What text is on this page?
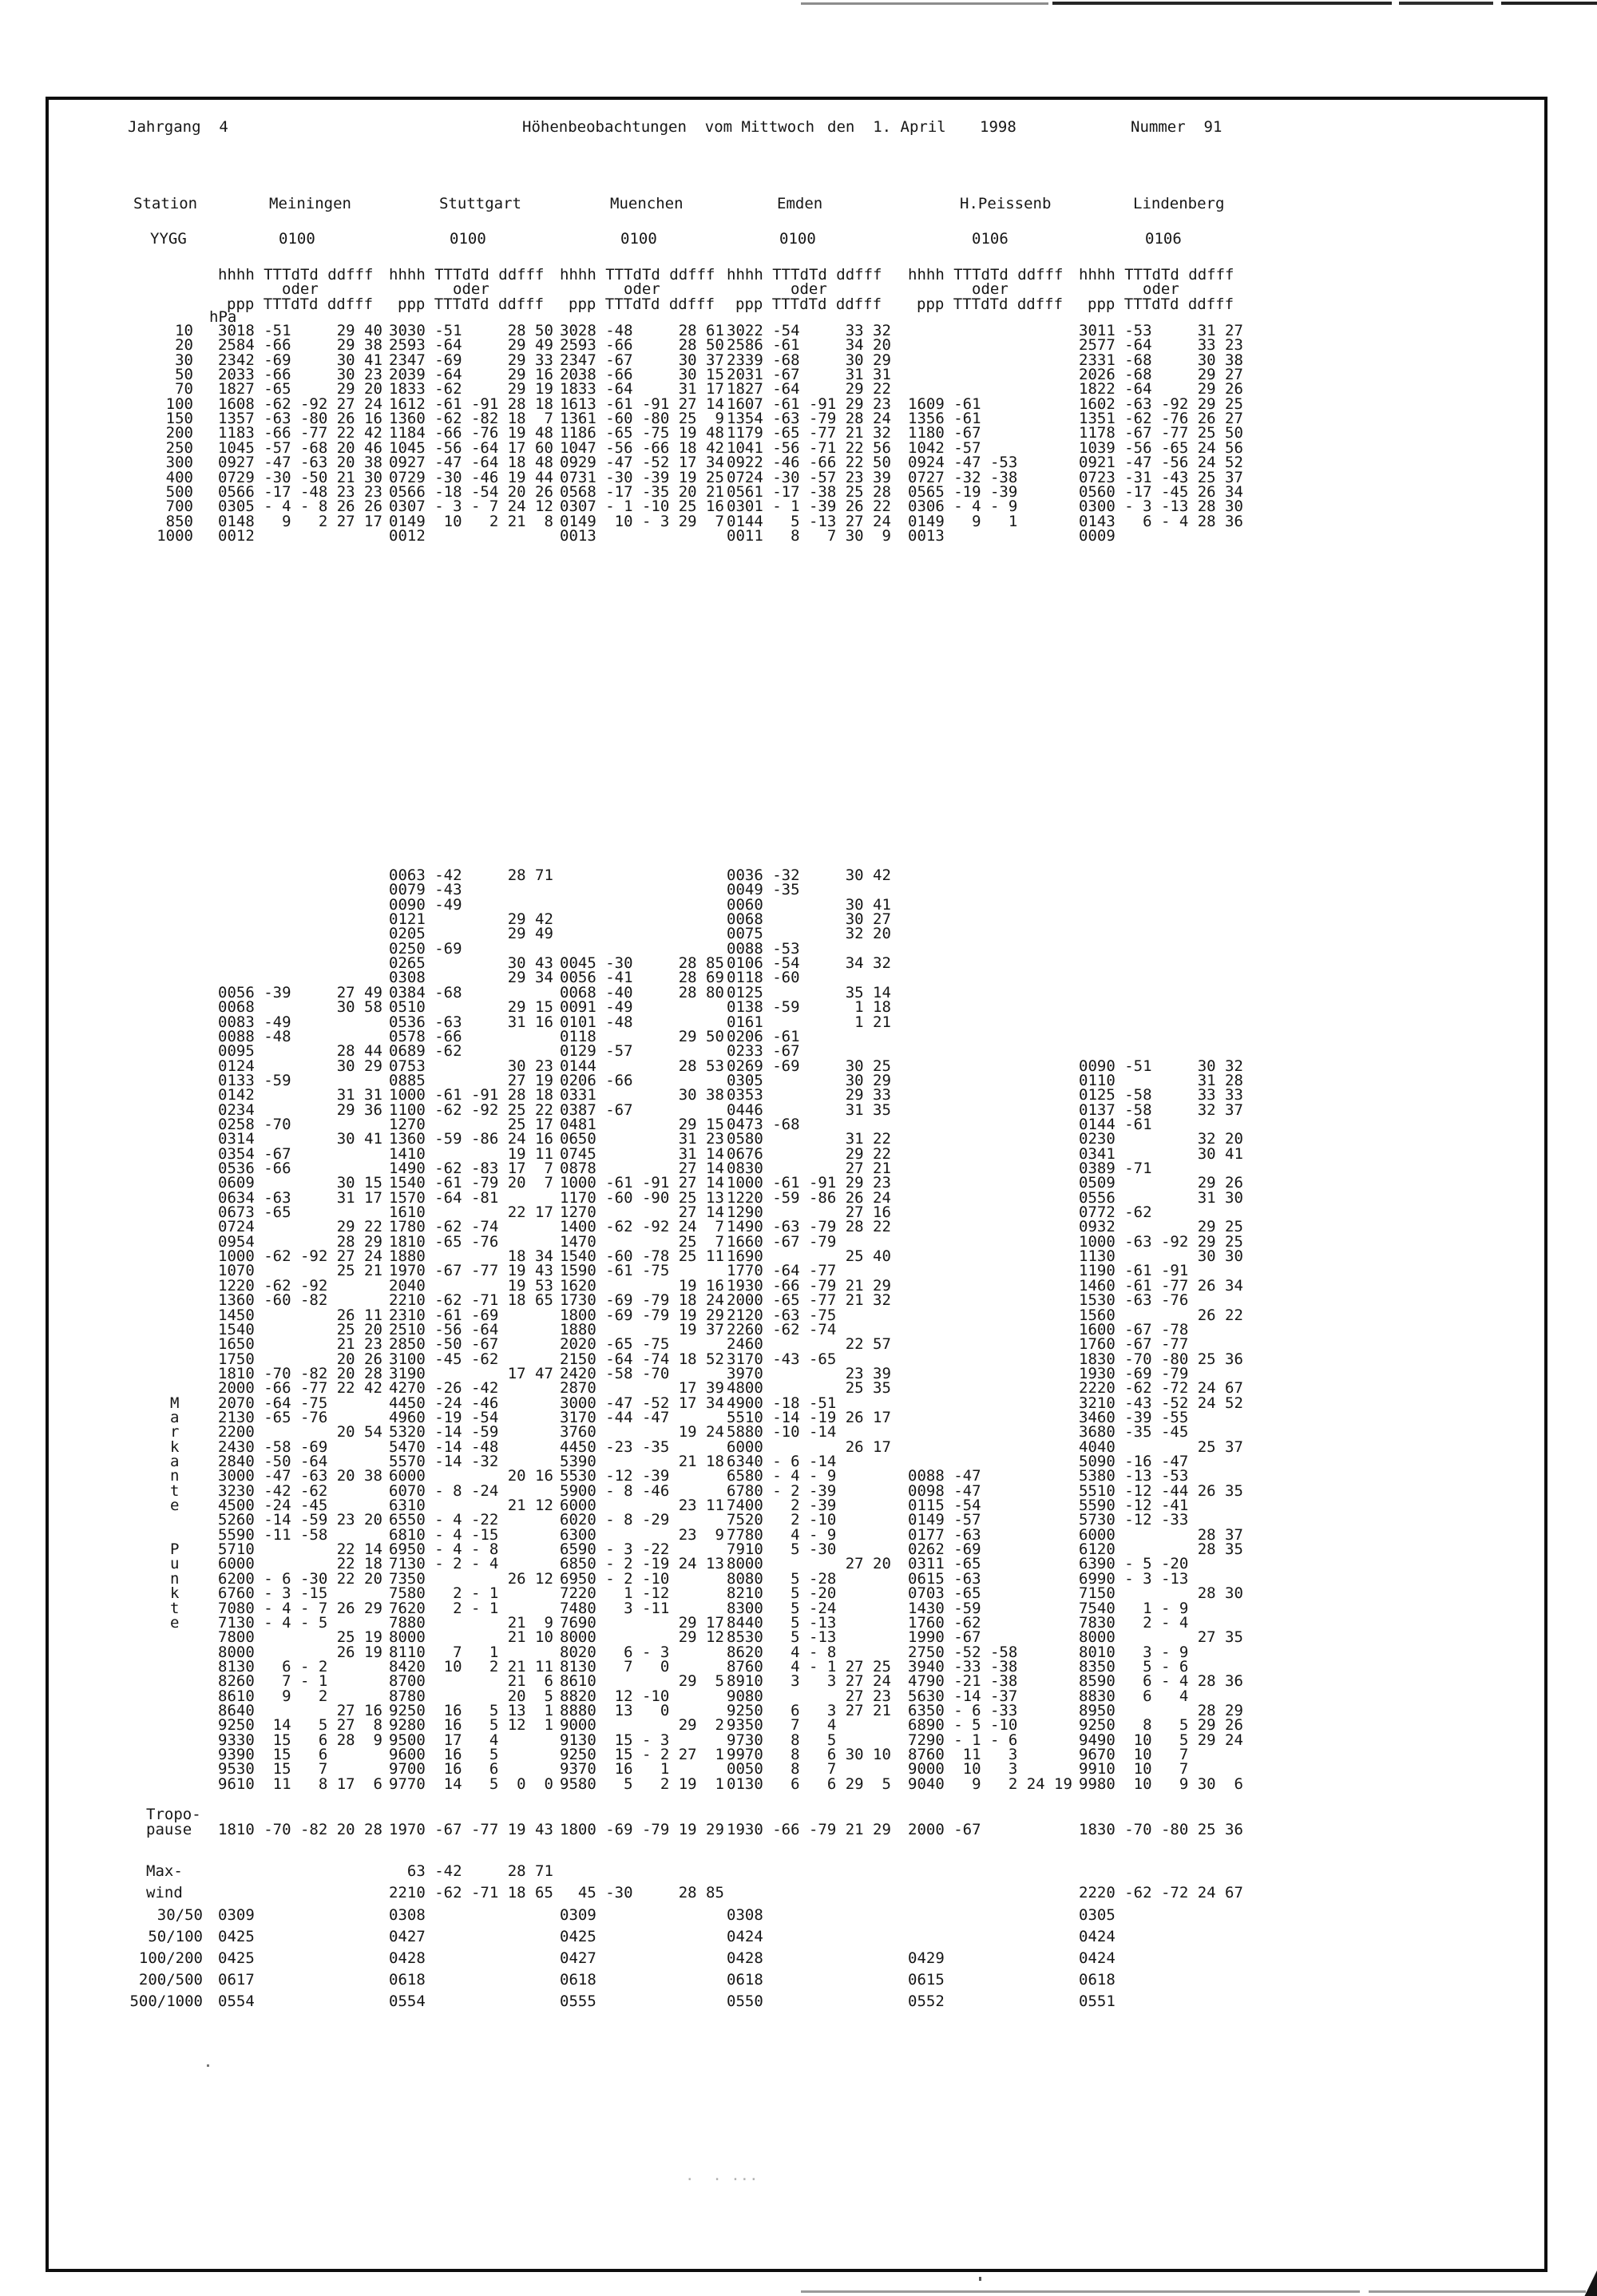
·  · ···
Jahrgang  4	Höhenbeobachtungen  vom Mittwoch den  1. April 1998	Nummer  91
Station
YYGG
hPa
Tropo-
pause
Max-
wind
Meiningen
0100
hhhh TTTdTd ddfff
oder
ppp TTTdTd ddfff
3018 -51     29 40
2584 -66     29 38
2342 -69     30 41
2033 -66     30 23
1827 -65     29 20
1608 -62 -92 27 24
1357 -63 -80 26 16
1183 -66 -77 22 42
1045 -57 -68 20 46
0927 -47 -63 20 38
0729 -30 -50 21 30
0566 -17 -48 23 23
0305 - 4 - 8 26 26
0148   9   2 27 17
0012
0056 -39     27 49
0068         30 58
0083 -49
0088 -48
0095         28 44
0124         30 29
0133 -59
0142         31 31
0234         29 36
0258 -70
0314         30 41
0354 -67
0536 -66
0609         30 15
0634 -63     31 17
0673 -65
0724         29 22
0954         28 29
1000 -62 -92 27 24
1070         25 21
1220 -62 -92
1360 -60 -82
1450         26 11
1540         25 20
1650         21 23
1750         20 26
1810 -70 -82 20 28
2000 -66 -77 22 42
2070 -64 -75
2130 -65 -76
2200         20 54
2430 -58 -69
2840 -50 -64
3000 -47 -63 20 38
3230 -42 -62
4500 -24 -45
5260 -14 -59 23 20
5590 -11 -58
5710         22 14
6000         22 18
6200 - 6 -30 22 20
6760 - 3 -15
7080 - 4 - 7 26 29
7130 - 4 - 5
7800         25 19
8000         26 19
8130   6 - 2
8260   7 - 1
8610   9   2
8640         27 16
9250  14   5 27  8
9330  15   6 28  9
9390  15   6
9530  15   7
9610  11   8 17  6
1810 -70 -82 20 28
0309
0425
0425
0617
0554
Stuttgart
0100
hhhh TTTdTd ddfff
oder
ppp TTTdTd ddfff
3030 -51     28 50
2593 -64     29 49
2347 -69     29 33
2039 -64     29 16
1833 -62     29 19
1612 -61 -91 28 18
1360 -62 -82 18  7
1184 -66 -76 19 48
1045 -56 -64 17 60
0927 -47 -64 18 48
0729 -30 -46 19 44
0566 -18 -54 20 26
0307 - 3 - 7 24 12
0149  10   2 21  8
0012
0063 -42     28 71
0079 -43
0090 -49
0121         29 42
0205         29 49
0250 -69
0265         30 43
0308         29 34
0384 -68
0510         29 15
0536 -63     31 16
0578 -66
0689 -62
0753         30 23
0885         27 19
1000 -61 -91 28 18
1100 -62 -92 25 22
1270         25 17
1360 -59 -86 24 16
1410         19 11
1490 -62 -83 17  7
1540 -61 -79 20  7
1570 -64 -81
1610         22 17
1780 -62 -74
1810 -65 -76
1880         18 34
1970 -67 -77 19 43
2040         19 53
2210 -62 -71 18 65
2310 -61 -69
2510 -56 -64
2850 -50 -67
3100 -45 -62
3190         17 47
4270 -26 -42
4450 -24 -46
4960 -19 -54
5320 -14 -59
5470 -14 -48
5570 -14 -32
6000         20 16
6070 - 8 -24
6310         21 12
6550 - 4 -22
6810 - 4 -15
6950 - 4 - 8
7130 - 2 - 4
7350         26 12
7580   2 - 1
7620   2 - 1
7880         21  9
8000         21 10
8110   7   1
8420  10   2 21 11
8700         21  6
8780         20  5
9250  16   5 13  1
9280  16   5 12  1
9500  17   4
9600  16   5
9700  16   6
9770  14   5  0  0
1970 -67 -77 19 43
63 -42     28 71
2210 -62 -71 18 65
0308
0427
0428
0618
0554
Muenchen
0100
hhhh TTTdTd ddfff
oder
ppp TTTdTd ddfff
3028 -48     28 61
2593 -66     28 50
2347 -67     30 37
2038 -66     30 15
1833 -64     31 17
1613 -61 -91 27 14
1361 -60 -80 25  9
1186 -65 -75 19 48
1047 -56 -66 18 42
0929 -47 -52 17 34
0731 -30 -39 19 25
0568 -17 -35 20 21
0307 - 1 -10 25 16
0149  10 - 3 29  7
0013
0045 -30     28 85
0056 -41     28 69
0068 -40     28 80
0091 -49
0101 -48
0118         29 50
0129 -57
0144         28 53
0206 -66
0331         30 38
0387 -67
0481         29 15
0650         31 23
0745         31 14
0878         27 14
1000 -61 -91 27 14
1170 -60 -90 25 13
1270         27 14
1400 -62 -92 24  7
1470         25  7
1540 -60 -78 25 11
1590 -61 -75
1620         19 16
1730 -69 -79 18 24
1800 -69 -79 19 29
1880         19 37
2020 -65 -75
2150 -64 -74 18 52
2420 -58 -70
2870         17 39
3000 -47 -52 17 34
3170 -44 -47
3760         19 24
4450 -23 -35
5390         21 18
5530 -12 -39
5900 - 8 -46
6000         23 11
6020 - 8 -29
6300         23  9
6590 - 3 -22
6850 - 2 -19 24 13
6950 - 2 -10
7220   1 -12
7480   3 -11
7690         29 17
8000         29 12
8020   6 - 3
8130   7   0
8610         29  5
8820  12 -10
8880  13   0
9000         29  2
9130  15 - 3
9250  15 - 2 27  1
9370  16   1
9580   5   2 19  1
1800 -69 -79 19 29
45 -30     28 85
0309
0425
0427
0618
0555
Emden
0100
hhhh TTTdTd ddfff
oder
ppp TTTdTd ddfff
3022 -54     33 32
2586 -61     34 20
2339 -68     30 29
2031 -67     31 31
1827 -64     29 22
1607 -61 -91 29 23
1354 -63 -79 28 24
1179 -65 -77 21 32
1041 -56 -71 22 56
0922 -46 -66 22 50
0724 -30 -57 23 39
0561 -17 -38 25 28
0301 - 1 -39 26 22
0144   5 -13 27 24
0011   8   7 30  9
0036 -32     30 42
0049 -35
0060         30 41
0068         30 27
0075         32 20
0088 -53
0106 -54     34 32
0118 -60
0125         35 14
0138 -59      1 18
0161          1 21
0206 -61
0233 -67
0269 -69     30 25
0305         30 29
0353         29 33
0446         31 35
0473 -68
0580         31 22
0676         29 22
0830         27 21
1000 -61 -91 29 23
1220 -59 -86 26 24
1290         27 16
1490 -63 -79 28 22
1660 -67 -79
1690         25 40
1770 -64 -77
1930 -66 -79 21 29
2000 -65 -77 21 32
2120 -63 -75
2260 -62 -74
2460         22 57
3170 -43 -65
3970         23 39
4800         25 35
4900 -18 -51
5510 -14 -19 26 17
5880 -10 -14
6000         26 17
6340 - 6 -14
6580 - 4 - 9
6780 - 2 -39
7400   2 -39
7520   2 -10
7780   4 - 9
7910   5 -30
8000         27 20
8080   5 -28
8210   5 -20
8300   5 -24
8440   5 -13
8530   5 -13
8620   4 - 8
8760   4 - 1 27 25
8910   3   3 27 24
9080         27 23
9250   6   3 27 21
9350   7   4
9730   8   5
9970   8   6 30 10
0050   8   7
0130   6   6 29  5
1930 -66 -79 21 29
0308
0424
0428
0618
0550
H.Peissenb
0106
hhhh TTTdTd ddfff
oder
ppp TTTdTd ddfff
1609 -61
1356 -61
1180 -67
1042 -57
0924 -47 -53
0727 -32 -38
0565 -19 -39
0306 - 4 - 9
0149   9   1
0013
0088 -47
0098 -47
0115 -54
0149 -57
0177 -63
0262 -69
0311 -65
0615 -63
0703 -65
1430 -59
1760 -62
1990 -67
2750 -52 -58
3940 -33 -38
4790 -21 -38
5630 -14 -37
6350 - 6 -33
6890 - 5 -10
7290 - 1 - 6
8760  11   3
9000  10   3
9040   9   2 24 19
2000 -67
0429
0615
0552
Lindenberg
0106
hhhh TTTdTd ddfff
oder
ppp TTTdTd ddfff
3011 -53     31 27
2577 -64     33 23
2331 -68     30 38
2026 -68     29 27
1822 -64     29 26
1602 -63 -92 29 25
1351 -62 -76 26 27
1178 -67 -77 25 50
1039 -56 -65 24 56
0921 -47 -56 24 52
0723 -31 -43 25 37
0560 -17 -45 26 34
0300 - 3 -13 28 30
0143   6 - 4 28 36
0009
0090 -51     30 32
0110         31 28
0125 -58     33 33
0137 -58     32 37
0144 -61
0230         32 20
0341         30 41
0389 -71
0509         29 26
0556         31 30
0772 -62
0932         29 25
1000 -63 -92 29 25
1130         30 30
1190 -61 -91
1460 -61 -77 26 34
1530 -63 -76
1560         26 22
1600 -67 -78
1760 -67 -77
1830 -70 -80 25 36
1930 -69 -79
2220 -62 -72 24 67
3210 -43 -52 24 52
3460 -39 -55
3680 -35 -45
4040         25 37
5090 -16 -47
5380 -13 -53
5510 -12 -44 26 35
5590 -12 -41
5730 -12 -33
6000         28 37
6120         28 35
6390 - 5 -20
6990 - 3 -13
7150         28 30
7540   1 - 9
7830   2 - 4
8000         27 35
8010   3 - 9
8350   5 - 6
8590   6 - 4 28 36
8830   6   4
8950         28 29
9250   8   5 29 26
9490  10   5 29 24
9670  10   7
9910  10   7
9980  10   9 30  6
1830 -70 -80 25 36
2220 -62 -72 24 67
0305
0424
0424
0618
0551
10
20
30
50
70
100
150
200
250
300
400
500
700
850
1000
30/50
50/100
100/200
200/500
500/1000
M
a
r
k
a
n
t
e
P
u
n
k
t
e
